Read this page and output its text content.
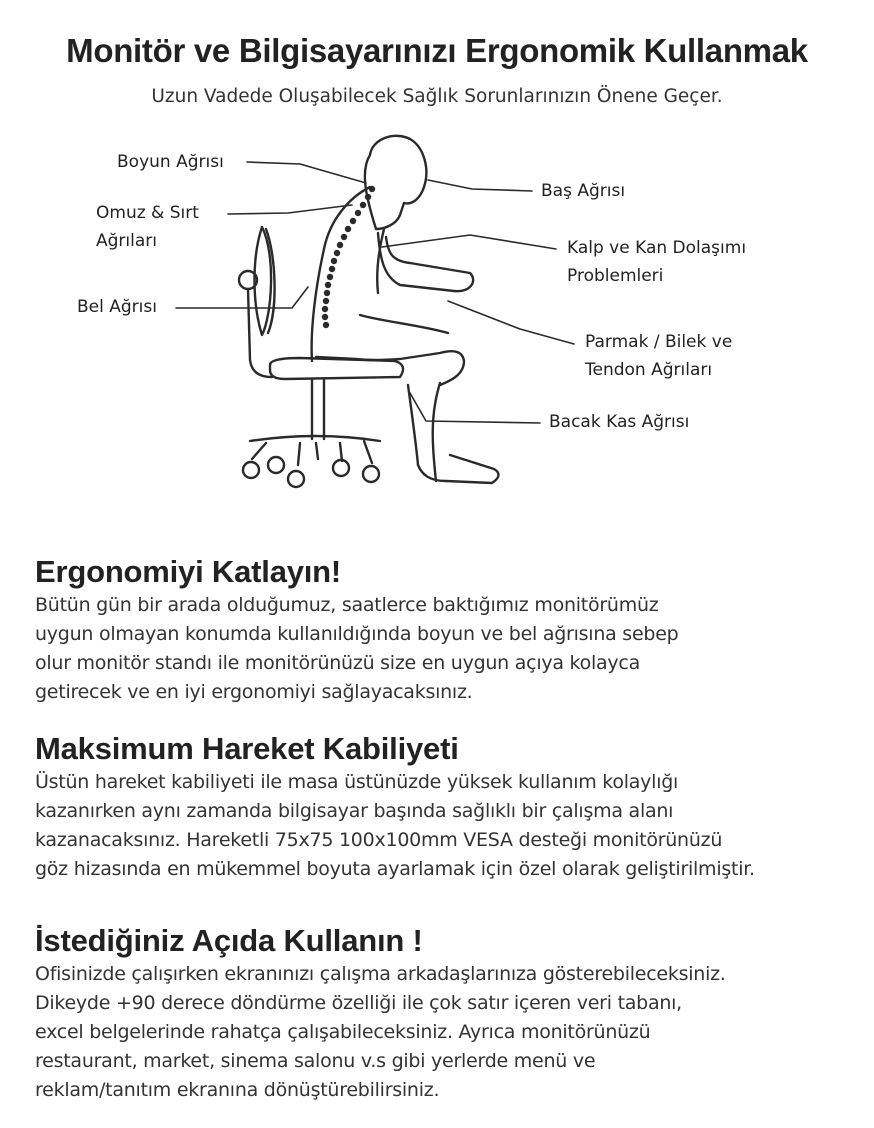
Monitör ve Bilgisayarınızı Ergonomik Kullanmak
Uzun Vadede Oluşabilecek Sağlık Sorunlarınızın Önene Geçer.
Boyun Ağrısı
Omuz & Sırt
Ağrıları
Bel Ağrısı
Baş Ağrısı
Kalp ve Kan Dolaşımı
Problemleri
Parmak / Bilek ve
Tendon Ağrıları
Bacak Kas Ağrısı
Ergonomiyi Katlayın!

Bütün gün bir arada olduğumuz, saatlerce baktığımız monitörümüz
uygun olmayan konumda kullanıldığında boyun ve bel ağrısına sebep
olur monitör standı ile monitörünüzü size en uygun açıya kolayca
getirecek ve en iyi ergonomiyi sağlayacaksınız.

Maksimum Hareket Kabiliyeti

Üstün hareket kabiliyeti ile masa üstünüzde yüksek kullanım kolaylığı
kazanırken aynı zamanda bilgisayar başında sağlıklı bir çalışma alanı
kazanacaksınız. Hareketli 75x75 100x100mm VESA desteği monitörünüzü
göz hizasında en mükemmel boyuta ayarlamak için özel olarak geliştirilmiştir.

İstediğiniz Açıda Kullanın !

Ofisinizde çalışırken ekranınızı çalışma arkadaşlarınıza gösterebileceksiniz.
Dikeyde +90 derece döndürme özelliği ile çok satır içeren veri tabanı,
excel belgelerinde rahatça çalışabileceksiniz. Ayrıca monitörünüzü
restaurant, market, sinema salonu v.s gibi yerlerde menü ve
reklam/tanıtım ekranına dönüştürebilirsiniz.
